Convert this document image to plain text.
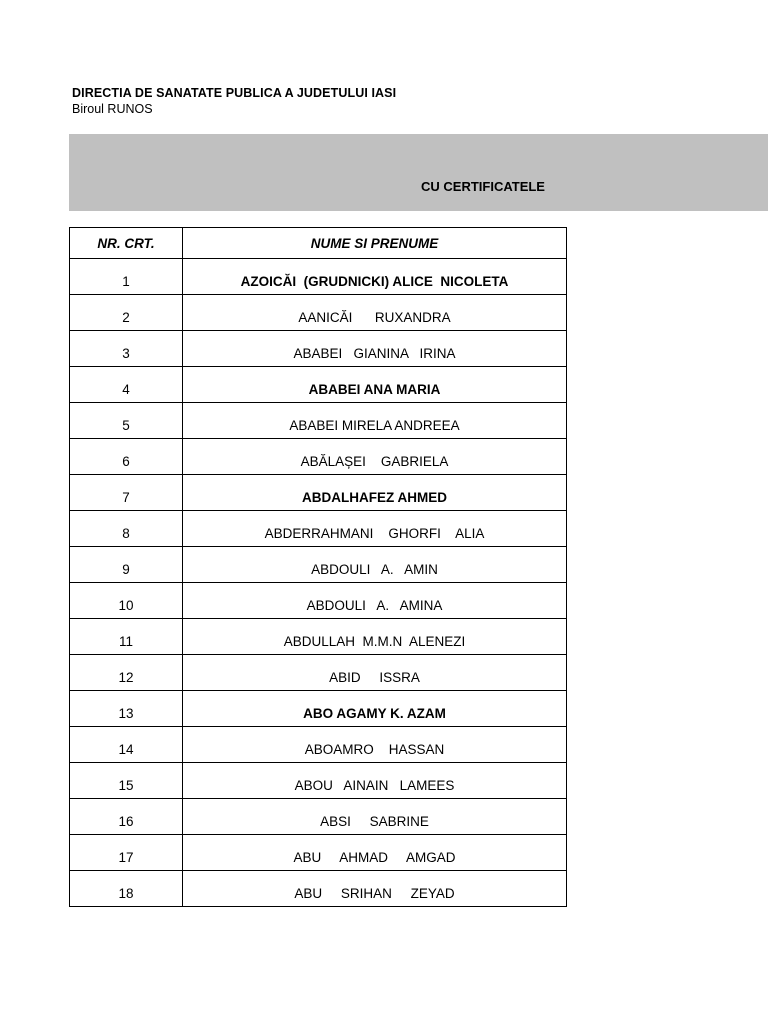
DIRECTIA DE SANATATE PUBLICA A JUDETULUI IASI
Biroul RUNOS
CU CERTIFICATELE
NR. CRT.	NUME SI PRENUME
1	AZOICĂI  (GRUDNICKI) ALICE  NICOLETA
2	AANICĂI      RUXANDRA
3	ABABEI   GIANINA   IRINA
4	ABABEI ANA MARIA
5	ABABEI MIRELA ANDREEA
6	ABĂLAȘEI    GABRIELA
7	ABDALHAFEZ AHMED
8	ABDERRAHMANI    GHORFI    ALIA
9	ABDOULI   A.   AMIN
10	ABDOULI   A.   AMINA
11	ABDULLAH  M.M.N  ALENEZI
12	ABID     ISSRA
13	ABO AGAMY K. AZAM
14	ABOAMRO    HASSAN
15	ABOU   AINAIN   LAMEES
16	ABSI     SABRINE
17	ABU     AHMAD     AMGAD
18	ABU     SRIHAN     ZEYAD
